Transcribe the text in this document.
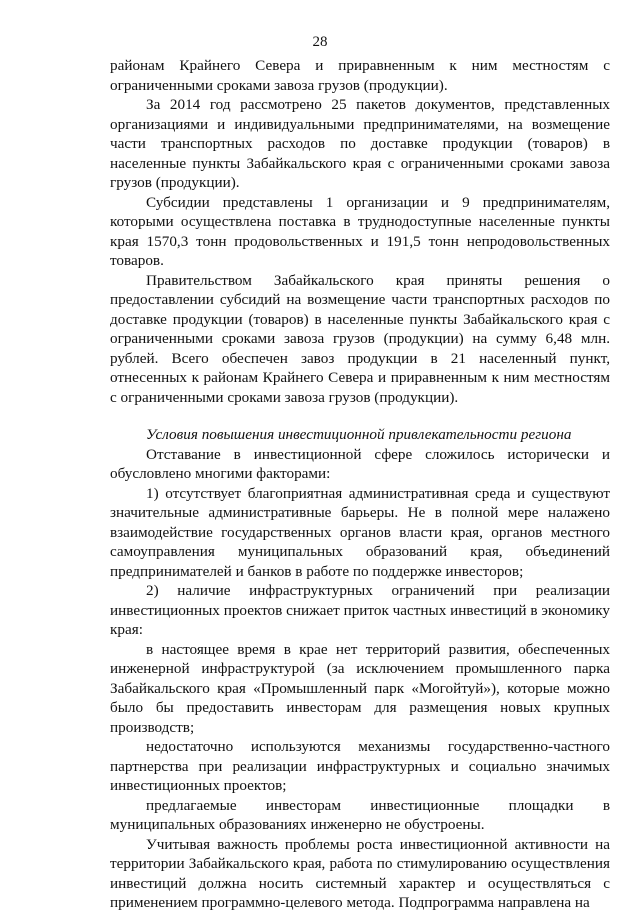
28

районам Крайнего Севера и приравненным к ним местностям с ограниченными сроками завоза грузов (продукции).

За 2014 год рассмотрено 25 пакетов документов, представленных организациями и индивидуальными предпринимателями, на возмещение части транспортных расходов по доставке продукции (товаров) в населенные пункты Забайкальского края с ограниченными сроками завоза грузов (продукции).

Субсидии представлены 1 организации и 9 предпринимателям, которыми осуществлена поставка в труднодоступные населенные пункты края 1570,3 тонн продовольственных и 191,5 тонн непродовольственных товаров.

Правительством Забайкальского края приняты решения о предоставлении субсидий на возмещение части транспортных расходов по доставке продукции (товаров) в населенные пункты Забайкальского края с ограниченными сроками завоза грузов (продукции) на сумму 6,48 млн. рублей. Всего обеспечен завоз продукции в 21 населенный пункт, отнесенных к районам Крайнего Севера и приравненным к ним местностям с ограниченными сроками завоза грузов (продукции).

Условия повышения инвестиционной привлекательности региона

Отставание в инвестиционной сфере сложилось исторически и обусловлено многими факторами:

1) отсутствует благоприятная административная среда и существуют значительные административные барьеры. Не в полной мере налажено взаимодействие государственных органов власти края, органов местного самоуправления муниципальных образований края, объединений предпринимателей и банков в работе по поддержке инвесторов;

2) наличие инфраструктурных ограничений при реализации инвестиционных проектов снижает приток частных инвестиций в экономику края:

в настоящее время в крае нет территорий развития, обеспеченных инженерной инфраструктурой (за исключением промышленного парка Забайкальского края «Промышленный парк «Могойтуй»), которые можно было бы предоставить инвесторам для размещения новых крупных производств;

недостаточно используются механизмы государственно-частного партнерства при реализации инфраструктурных и социально значимых инвестиционных проектов;

предлагаемые инвесторам инвестиционные площадки в муниципальных образованиях инженерно не обустроены.

Учитывая важность проблемы роста инвестиционной активности на территории Забайкальского края, работа по стимулированию осуществления инвестиций должна носить системный характер и осуществляться с применением программно-целевого метода. Подпрограмма направлена на
